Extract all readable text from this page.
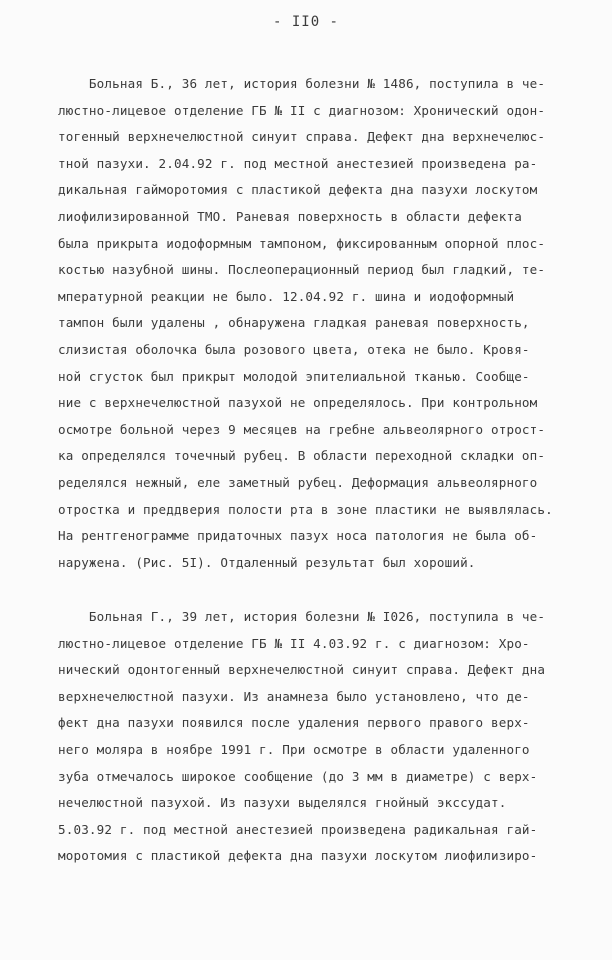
- II0 -
Больная Б., 36 лет, история болезни № 1486, поступила в че-
люстно-лицевое отделение ГБ № II с диагнозом: Хронический одон-
тогенный верхнечелюстной синуит справа. Дефект дна верхнечелюс-
тной пазухи. 2.04.92 г. под местной анестезией произведена ра-
дикальная гайморотомия с пластикой дефекта дна пазухи лоскутом
лиофилизированной ТМО. Раневая поверхность в области дефекта
была прикрыта иодоформным тампоном, фиксированным опорной плос-
костью назубной шины. Послеоперационный период был гладкий, те-
мпературной реакции не было. 12.04.92 г. шина и иодоформный
тампон были удалены , обнаружена гладкая раневая поверхность,
слизистая оболочка была розового цвета, отека не было. Кровя-
ной сгусток был прикрыт молодой эпителиальной тканью. Сообще-
ние с верхнечелюстной пазухой не определялось. При контрольном
осмотре больной через 9 месяцев на гребне альвеолярного отрост-
ка определялся точечный рубец. В области переходной складки оп-
ределялся нежный, еле заметный рубец. Деформация альвеолярного
отростка и преддверия полости рта в зоне пластики не выявлялась.
На рентгенограмме придаточных пазух носа патология не была об-
наружена. (Рис. 5I). Отдаленный результат был хороший.
Больная Г., 39 лет, история болезни № I026, поступила в че-
люстно-лицевое отделение ГБ № II 4.03.92 г. с диагнозом: Хро-
нический одонтогенный верхнечелюстной синуит справа. Дефект дна
верхнечелюстной пазухи. Из анамнеза было установлено, что де-
фект дна пазухи появился после удаления первого правого верх-
него моляра в ноябре 1991 г. При осмотре в области удаленного
зуба отмечалось широкое сообщение (до 3 мм в диаметре) с верх-
нечелюстной пазухой. Из пазухи выделялся гнойный экссудат.
5.03.92 г. под местной анестезией произведена радикальная гай-
моротомия с пластикой дефекта дна пазухи лоскутом лиофилизиро-
